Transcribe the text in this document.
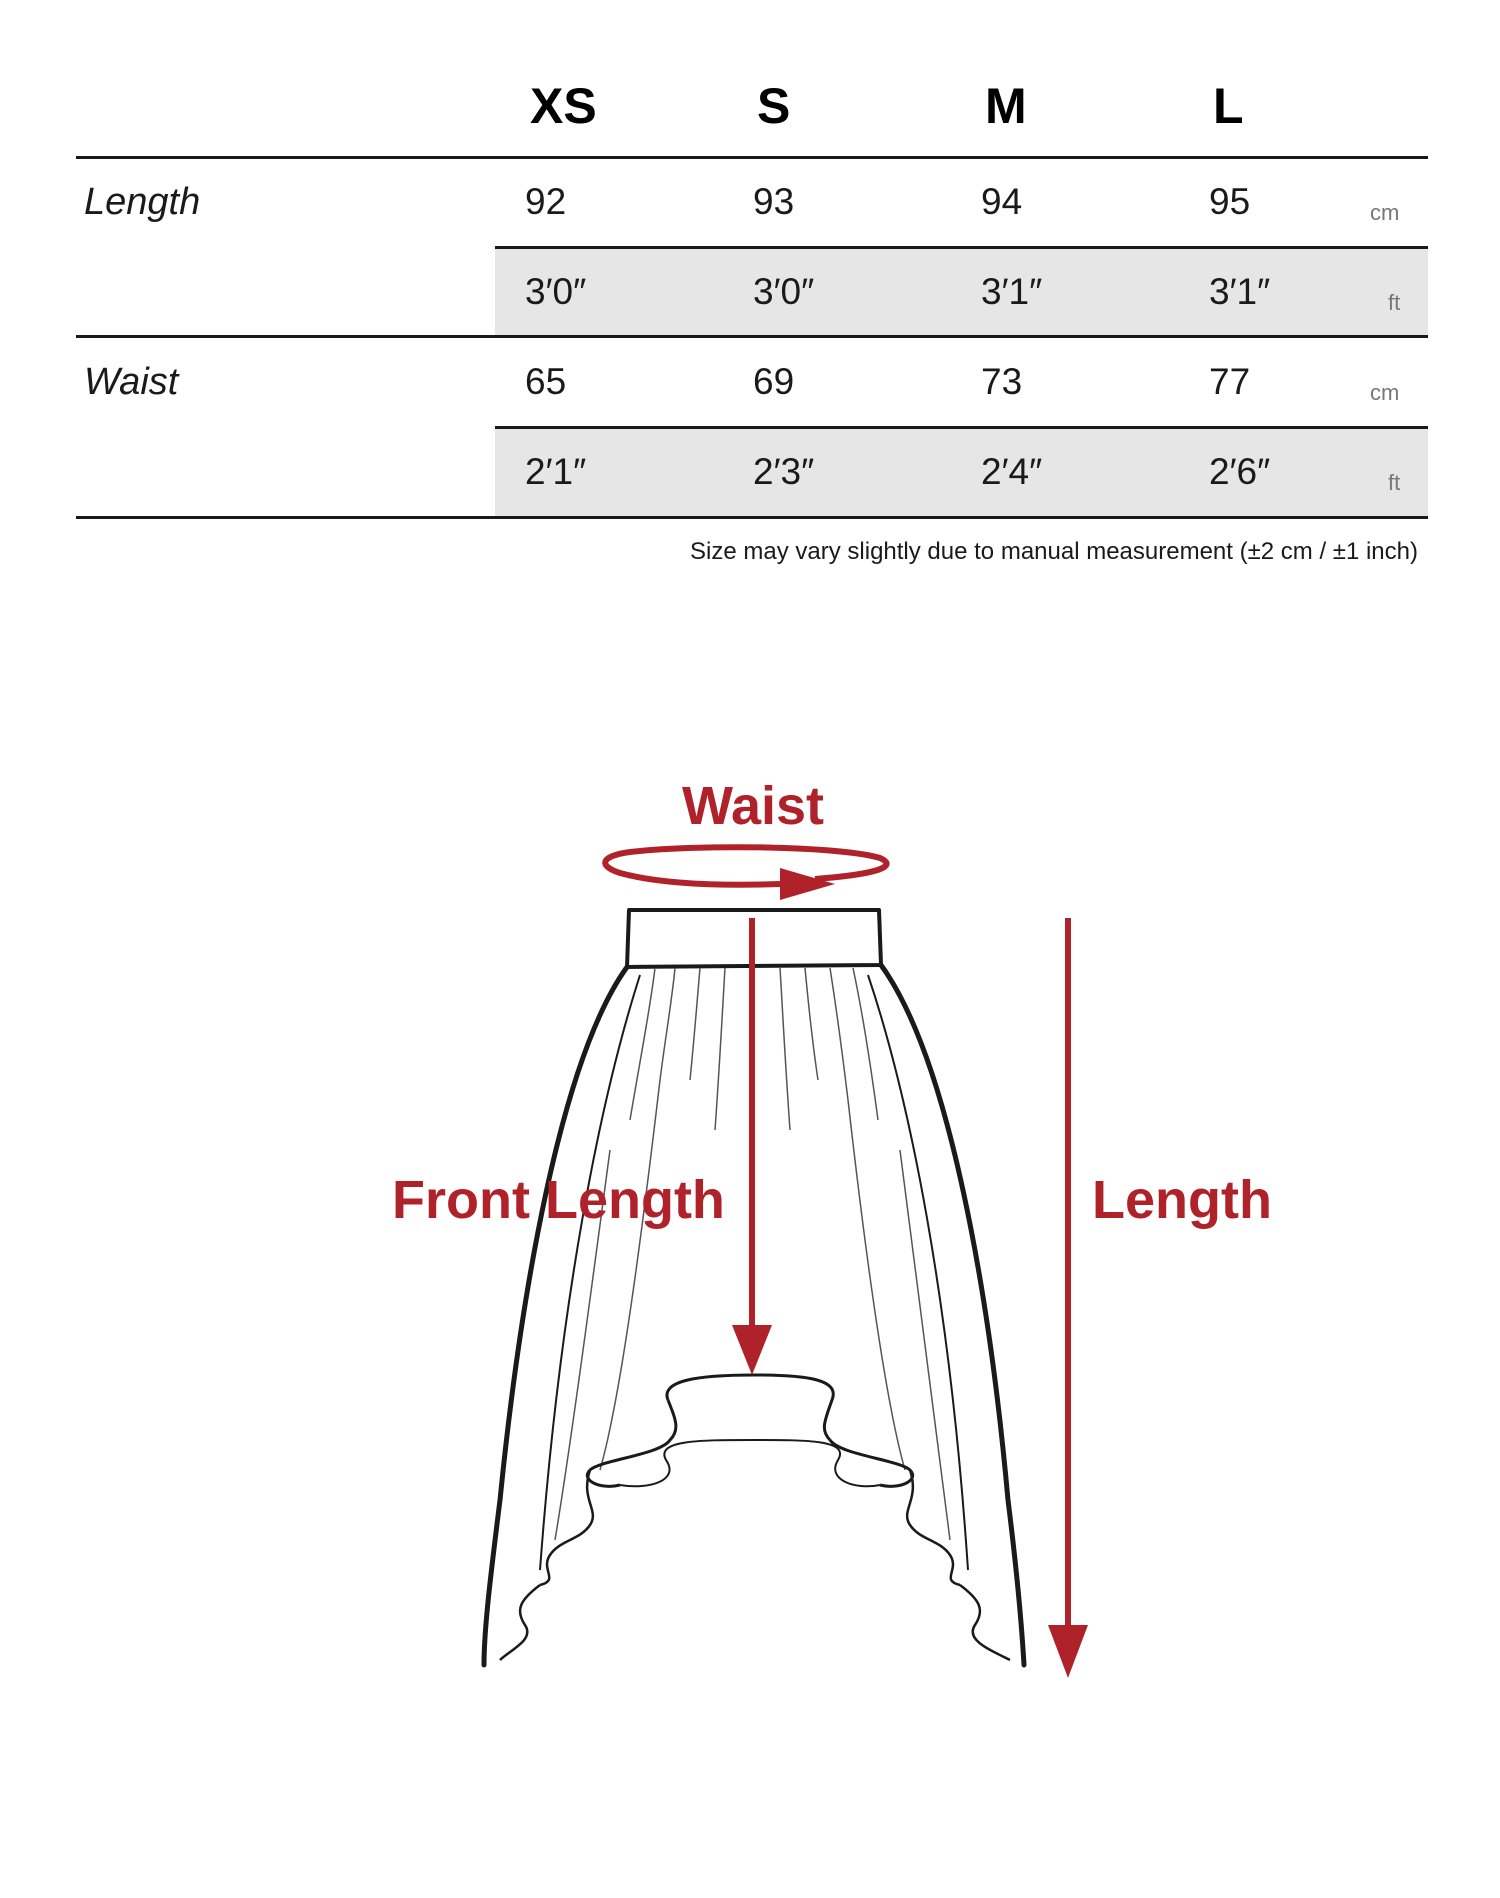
XS	S	M	L
Length	92	93	94	95	cm
3′0″	3′0″	3′1″	3′1″	ft
Waist	65	69	73	77	cm
2′1″	2′3″	2′4″	2′6″	ft
Size may vary slightly due to manual measurement (±2 cm / ±1 inch)
Waist
Front Length	Length
